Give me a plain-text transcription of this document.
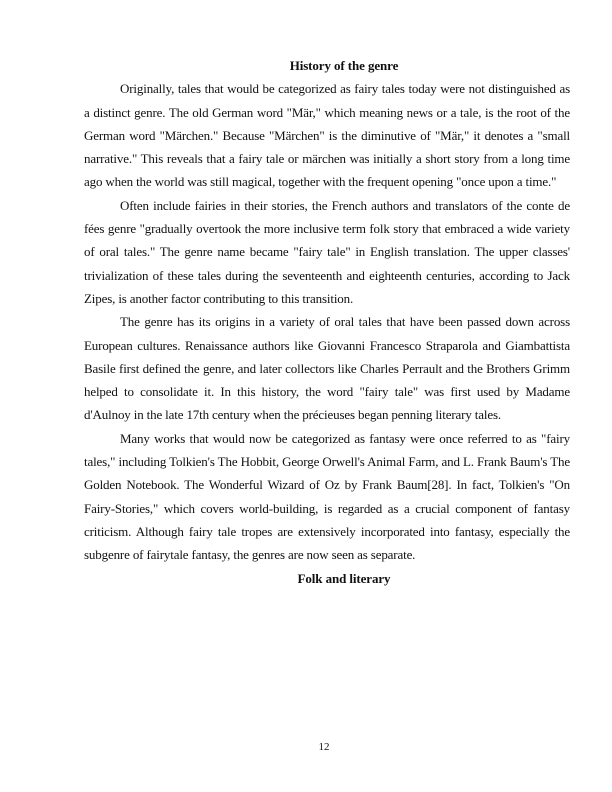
History of the genre

Originally, tales that would be categorized as fairy tales today were not distinguished as a distinct genre. The old German word "Mär," which meaning news or a tale, is the root of the German word "Märchen." Because "Märchen" is the diminutive of "Mär," it denotes a "small narrative." This reveals that a fairy tale or märchen was initially a short story from a long time ago when the world was still magical, together with the frequent opening "once upon a time."

Often include fairies in their stories, the French authors and translators of the conte de fées genre "gradually overtook the more inclusive term folk story that embraced a wide variety of oral tales." The genre name became "fairy tale" in English translation. The upper classes' trivialization of these tales during the seventeenth and eighteenth centuries, according to Jack Zipes, is another factor contributing to this transition.

The genre has its origins in a variety of oral tales that have been passed down across European cultures. Renaissance authors like Giovanni Francesco Straparola and Giambattista Basile first defined the genre, and later collectors like Charles Perrault and the Brothers Grimm helped to consolidate it. In this history, the word "fairy tale" was first used by Madame d'Aulnoy in the late 17th century when the précieuses began penning literary tales.

Many works that would now be categorized as fantasy were once referred to as "fairy tales," including Tolkien's The Hobbit, George Orwell's Animal Farm, and L. Frank Baum's The Golden Notebook. The Wonderful Wizard of Oz by Frank Baum[28]. In fact, Tolkien's "On Fairy-Stories," which covers world-building, is regarded as a crucial component of fantasy criticism. Although fairy tale tropes are extensively incorporated into fantasy, especially the subgenre of fairytale fantasy, the genres are now seen as separate.

Folk and literary
12
